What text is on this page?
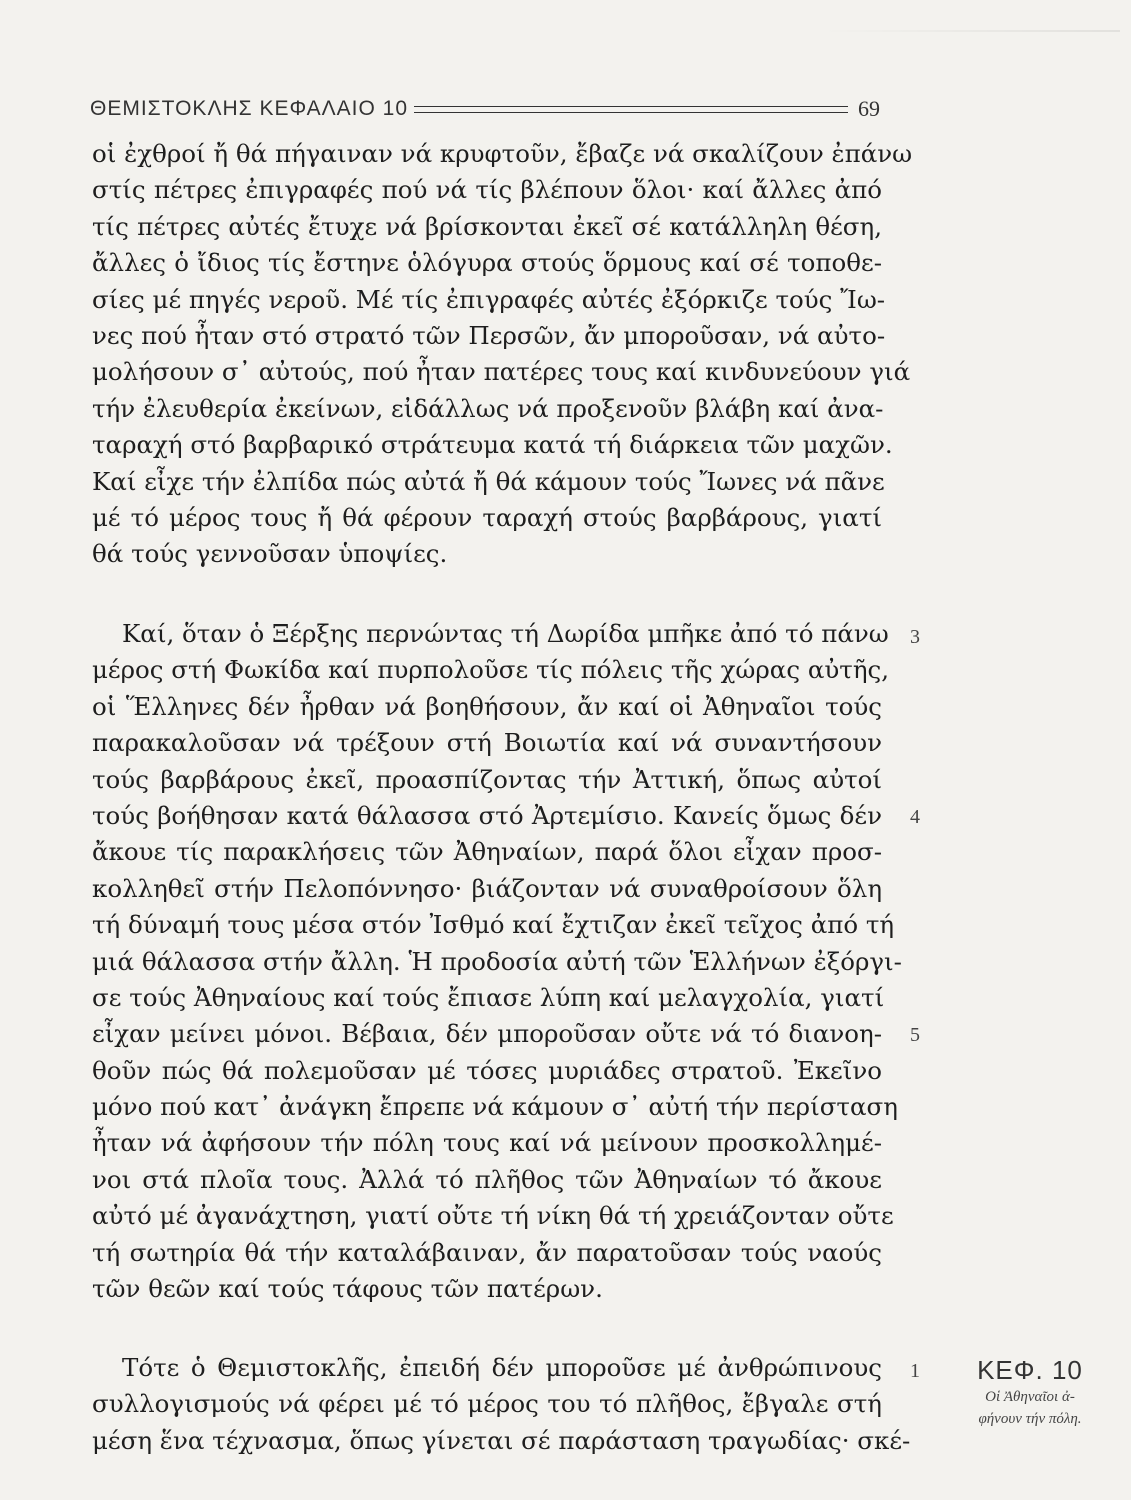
ΘΕΜΙΣΤΟΚΛΗΣ ΚΕΦΑΛΑΙΟ 10	69
οἱ ἐχθροί ἤ θά πήγαιναν νά κρυφτοῦν, ἔβαζε νά σκαλίζουν ἐπάνω
στίς πέτρες ἐπιγραφές πού νά τίς βλέπουν ὅλοι· καί ἄλλες ἀπό
τίς πέτρες αὐτές ἔτυχε νά βρίσκονται ἐκεῖ σέ κατάλληλη θέση,
ἄλλες ὁ ἴδιος τίς ἔστηνε ὁλόγυρα στούς ὅρμους καί σέ τοποθε-
σίες μέ πηγές νεροῦ. Μέ τίς ἐπιγραφές αὐτές ἐξόρκιζε τούς Ἴω-
νες πού ἦταν στό στρατό τῶν Περσῶν, ἄν μποροῦσαν, νά αὐτο-
μολήσουν σ᾽ αὐτούς, πού ἦταν πατέρες τους καί κινδυνεύουν γιά
τήν ἐλευθερία ἐκείνων, εἰδάλλως νά προξενοῦν βλάβη καί ἀνα-
ταραχή στό βαρβαρικό στράτευμα κατά τή διάρκεια τῶν μαχῶν.
Καί εἶχε τήν ἐλπίδα πώς αὐτά ἤ θά κάμουν τούς Ἴωνες νά πᾶνε
μέ τό μέρος τους ἤ θά φέρουν ταραχή στούς βαρβάρους, γιατί
θά τούς γεννοῦσαν ὑποψίες.
Καί, ὅταν ὁ Ξέρξης περνώντας τή Δωρίδα μπῆκε ἀπό τό πάνω
μέρος στή Φωκίδα καί πυρπολοῦσε τίς πόλεις τῆς χώρας αὐτῆς,
οἱ Ἕλληνες δέν ἦρθαν νά βοηθήσουν, ἄν καί οἱ Ἀθηναῖοι τούς
παρακαλοῦσαν νά τρέξουν στή Βοιωτία καί νά συναντήσουν
τούς βαρβάρους ἐκεῖ, προασπίζοντας τήν Ἀττική, ὅπως αὐτοί
τούς βοήθησαν κατά θάλασσα στό Ἀρτεμίσιο. Κανείς ὅμως δέν
ἄκουε τίς παρακλήσεις τῶν Ἀθηναίων, παρά ὅλοι εἶχαν προσ-
κολληθεῖ στήν Πελοπόννησο· βιάζονταν νά συναθροίσουν ὅλη
τή δύναμή τους μέσα στόν Ἰσθμό καί ἔχτιζαν ἐκεῖ τεῖχος ἀπό τή
μιά θάλασσα στήν ἄλλη. Ἡ προδοσία αὐτή τῶν Ἑλλήνων ἐξόργι-
σε τούς Ἀθηναίους καί τούς ἔπιασε λύπη καί μελαγχολία, γιατί
εἶχαν μείνει μόνοι. Βέβαια, δέν μποροῦσαν οὔτε νά τό διανοη-
θοῦν πώς θά πολεμοῦσαν μέ τόσες μυριάδες στρατοῦ. Ἐκεῖνο
μόνο πού κατ᾽ ἀνάγκη ἔπρεπε νά κάμουν σ᾽ αὐτή τήν περίσταση
ἦταν νά ἀφήσουν τήν πόλη τους καί νά μείνουν προσκολλημέ-
νοι στά πλοῖα τους. Ἀλλά τό πλῆθος τῶν Ἀθηναίων τό ἄκουε
αὐτό μέ ἀγανάχτηση, γιατί οὔτε τή νίκη θά τή χρειάζονταν οὔτε
τή σωτηρία θά τήν καταλάβαιναν, ἄν παρατοῦσαν τούς ναούς
τῶν θεῶν καί τούς τάφους τῶν πατέρων.
Τότε ὁ Θεμιστοκλῆς, ἐπειδή δέν μποροῦσε μέ ἀνθρώπινους
συλλογισμούς νά φέρει μέ τό μέρος του τό πλῆθος, ἔβγαλε στή
μέση ἕνα τέχνασμα, ὅπως γίνεται σέ παράσταση τραγωδίας· σκέ-
3
4
5
1	ΚΕΦ. 10
Οἱ Ἀθηναῖοι ἀ-
φήνουν τήν πόλη.
